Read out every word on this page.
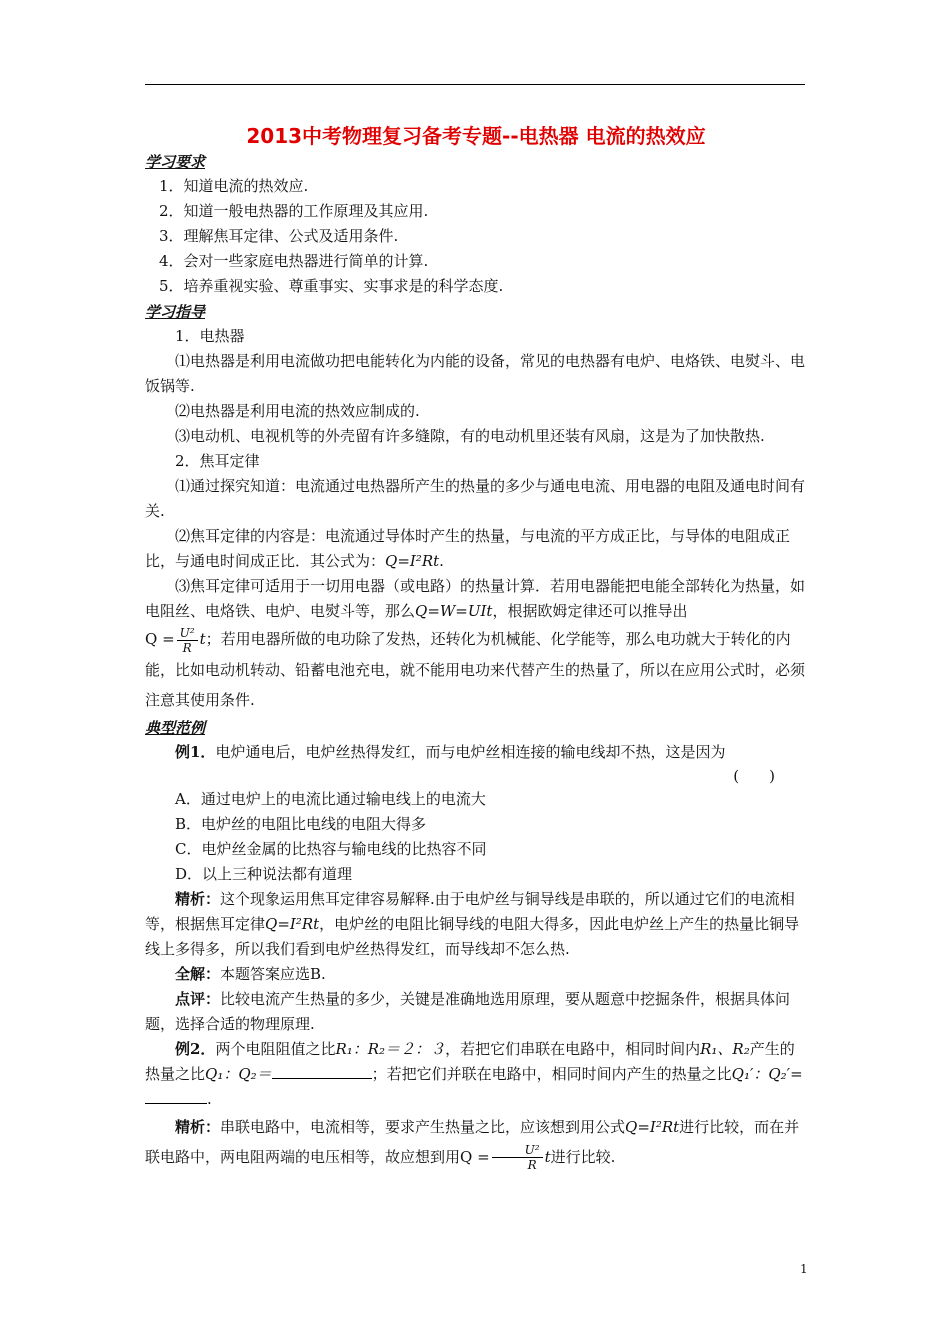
2013中考物理复习备考专题--电热器 电流的热效应
学习要求
1．知道电流的热效应.
2．知道一般电热器的工作原理及其应用.
3．理解焦耳定律、公式及适用条件.
4．会对一些家庭电热器进行简单的计算.
5．培养重视实验、尊重事实、实事求是的科学态度.
学习指导
1．电热器
⑴电热器是利用电流做功把电能转化为内能的设备，常见的电热器有电炉、电烙铁、电熨斗、电饭锅等.
⑵电热器是利用电流的热效应制成的.
⑶电动机、电视机等的外壳留有许多缝隙，有的电动机里还装有风扇，这是为了加快散热.
2．焦耳定律
⑴通过探究知道：电流通过电热器所产生的热量的多少与通电电流、用电器的电阻及通电时间有关.
⑵焦耳定律的内容是：电流通过导体时产生的热量，与电流的平方成正比，与导体的电阻成正比，与通电时间成正比．其公式为：Q=I²Rt.
⑶焦耳定律可适用于一切用电器（或电路）的热量计算．若用电器能把电能全部转化为热量，如电阻丝、电烙铁、电炉、电熨斗等，那么Q=W=UIt，根据欧姆定律还可以推导出
$Q = \frac{\text{U²}}{R}$ t；若用电器所做的电功除了发热，还转化为机械能、化学能等，那么电功就大于转化的内能，比如电动机转动、铅蓄电池充电，就不能用电功来代替产生的热量了，所以在应用公式时，必须注意其使用条件.
典型范例
例1．电炉通电后，电炉丝热得发红，而与电炉丝相连接的输电线却不热，这是因为
(　　)
A．通过电炉上的电流比通过输电线上的电流大
B．电炉丝的电阻比电线的电阻大得多
C．电炉丝金属的比热容与输电线的比热容不同
D．以上三种说法都有道理
精析：这个现象运用焦耳定律容易解释.由于电炉丝与铜导线是串联的，所以通过它们的电流相等，根据焦耳定律Q=I²Rt，电炉丝的电阻比铜导线的电阻大得多，因此电炉丝上产生的热量比铜导线上多得多，所以我们看到电炉丝热得发红，而导线却不怎么热.
全解：本题答案应选B.
点评：比较电流产生热量的多少，关键是准确地选用原理，要从题意中挖掘条件，根据具体问题，选择合适的物理原理.
例2．两个电阻阻值之比R₁：R₂＝２：３，若把它们串联在电路中，相同时间内R₁、R₂产生的热量之比Q₁：Q₂＝	；若把它们并联在电路中，相同时间内产生的热量之比Q₁′：Q₂′=.
精析：串联电路中，电流相等，要求产生热量之比，应该想到用公式Q=I²Rt进行比较，而在并联电路中，两电阻两端的电压相等，故应想到用$Q = \frac{\text{U²}}{R}$ t进行比较.
1
